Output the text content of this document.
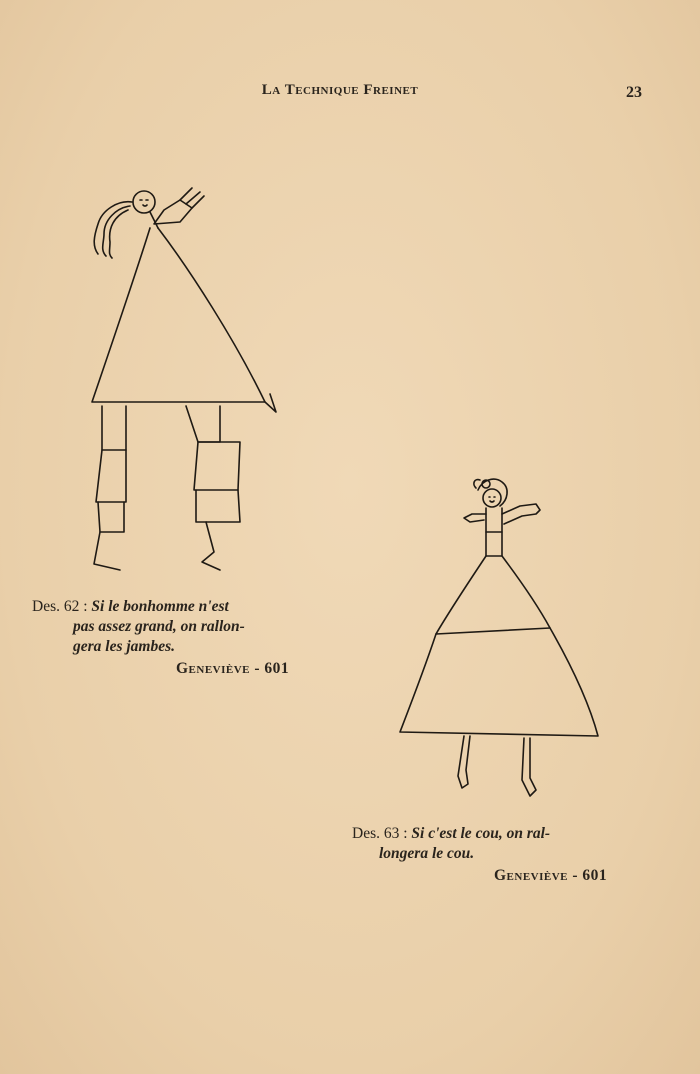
La Technique Freinet	23
Des. 62 : Si le bonhomme n'est
pas assez grand, on rallon-
gera les jambes.
Geneviève - 601
Des. 63 : Si c'est le cou, on ral-
longera le cou.
Geneviève - 601
